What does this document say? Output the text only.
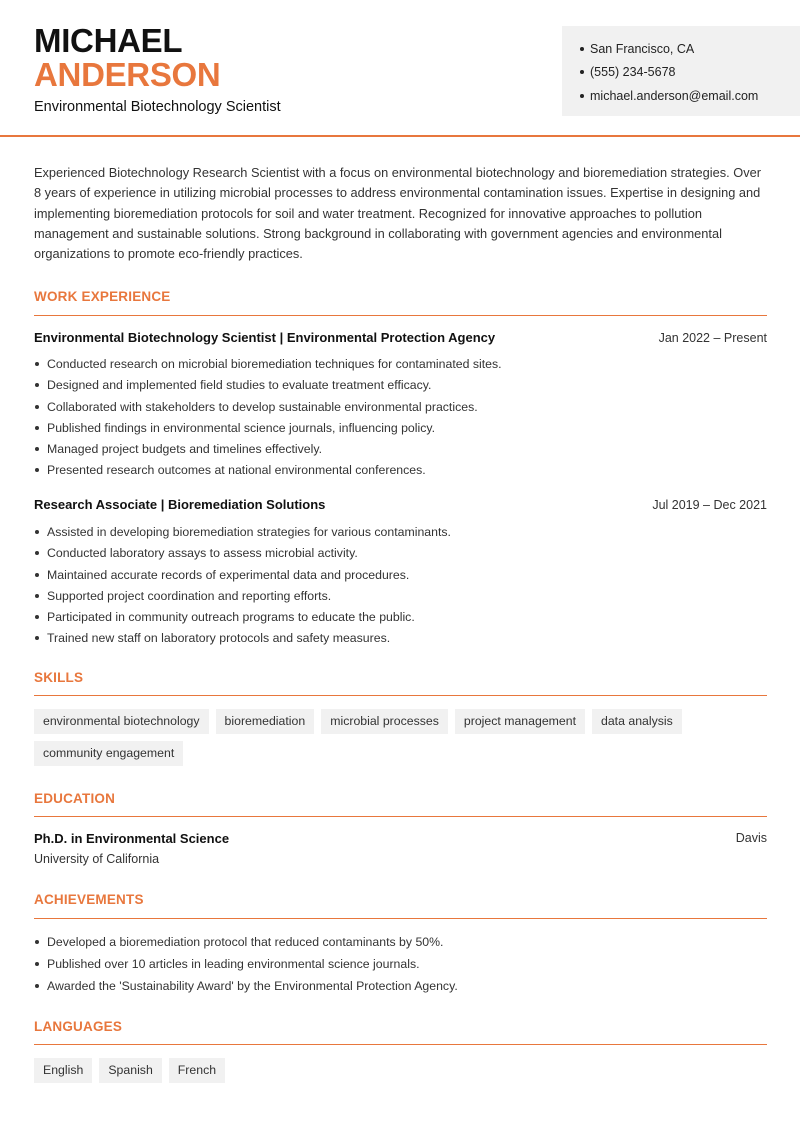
MICHAEL
ANDERSON
Environmental Biotechnology Scientist
San Francisco, CA
(555) 234-5678
michael.anderson@email.com

Experienced Biotechnology Research Scientist with a focus on environmental biotechnology and bioremediation strategies. Over 8 years of experience in utilizing microbial processes to address environmental contamination issues. Expertise in designing and implementing bioremediation protocols for soil and water treatment. Recognized for innovative approaches to pollution management and sustainable solutions. Strong background in collaborating with government agencies and environmental organizations to promote eco-friendly practices.

WORK EXPERIENCE
Environmental Biotechnology Scientist | Environmental Protection Agency	Jan 2022 – Present
Conducted research on microbial bioremediation techniques for contaminated sites.
Designed and implemented field studies to evaluate treatment efficacy.
Collaborated with stakeholders to develop sustainable environmental practices.
Published findings in environmental science journals, influencing policy.
Managed project budgets and timelines effectively.
Presented research outcomes at national environmental conferences.
Research Associate | Bioremediation Solutions	Jul 2019 – Dec 2021
Assisted in developing bioremediation strategies for various contaminants.
Conducted laboratory assays to assess microbial activity.
Maintained accurate records of experimental data and procedures.
Supported project coordination and reporting efforts.
Participated in community outreach programs to educate the public.
Trained new staff on laboratory protocols and safety measures.
SKILLS
environmental biotechnology	bioremediation	microbial processes	project management	data analysis
community engagement
EDUCATION
Ph.D. in Environmental Science	Davis
University of California
ACHIEVEMENTS
Developed a bioremediation protocol that reduced contaminants by 50%.
Published over 10 articles in leading environmental science journals.
Awarded the 'Sustainability Award' by the Environmental Protection Agency.
LANGUAGES
English	Spanish	French
